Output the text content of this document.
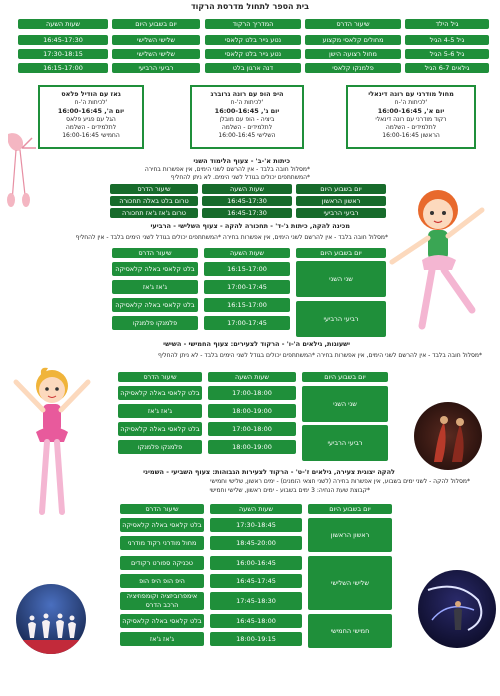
בית הספר לתחול מדרסת הרקוד
גיל הילד
שיעור הדרס
המדריך הרקוד
יום בשבוע היום
שעות השעה
גיל 4-5 הגיל
מחולים קלאסי מקצוע
נטע גייר בלט קלאסי
שלישי השלישי
16:45-17:30
גיל 5-6 הגיל
מחול רצועה הישן
נטע גייר בלט קלאסי
שלישי השלישי
17:30-18:15
גילאים 6-7 הגיל
פלמנקו קלאסי
דנה ארגון בלט
רביעי הרביעי
16:15-17:00
גאז עם הודיל פלאס
לכיתות ה'-ח'
יום ה', 16:00-16:45
הגל עם פגיע פלאס
לתלמידים - השלמה
16:00-16:45 החמישי
היפ הופ עם רונה גרוברג
לכיתות ה'-ח'
יום ג', 16:00-16:45
ביציה - הופ עם מובלן
לתלמידים - השלמה
16:00-16:45 השלישי
מחול מודרני עם רונה דינאלי
לכיתות ה'-ח'
יום א', 16:00-16:45
רקוד מודרני עם רונה דינאלי
לתלמידים - השלמה
16:00-16:45 הראשון
כיתות א'-ב' - צעוף הלימוד השני
*מסלול חובה בלבד - אין להרשם לשני הימים, אין אפשרות בחירה
*המשתתפים יכולים בגודל לשני הימים. לא ניתן להחליף
יום בשבוע היום
שעות השעה
שיעור הדרס
ראשון הראשון
16:45-17:30
טרום בלט באלה תחכורה
רביעי הרביעי
16:45-17:30
טרום ג'אז ג'אז תחכורה
מכינה להקה, כיתות ג'-ד' - תחכורה להקה - צעוף השלישי - הרביעי
*מסלול חובה בלבד - אין להרשם לשני הימים, אין אפשרות בחירה *המשתתפים יכולים בגודל לשני הימים בלבד - אין להחליף
יום בשבוע היום
שעות השעה
שיעור הדרס
שני השני
רביעי הרביעי
16:15-17:00
בלט קלאסי באלה קלאסיקה
17:00-17:45
ג'אז ג'אז
16:15-17:00
בלט קלאסי באלה קלאסיקה
17:00-17:45
פלמנקו פלמנקו
ישעוגות, גילאים ה'-ו' - הרקוד לצעירים: צעוף החמישי - השישי
*מסלול חובה בלבד - אין להרשם לשני הימים, אין אפשרות בחירה *המשתתפים יכולים בגודל לשני הימים בלבד - לא ניתן להחליף
יום בשבוע היום
שעות השעה
שיעור הדרס
שני השני
רביעי הרביעי
17:00-18:00
בלט קלאסי באלה קלאסיקה
18:00-19:00
ג'אז ג'אז
17:00-18:00
בלט קלאסי באלה קלאסיקה
18:00-19:00
פלמנקו פלמנקו
להקה יצוגית צעירה, גילאים ז'-ט' - הרקוד לצעירות הגבוהות: צעוף השביעי - השמיני
*מסלול להקה - לשני ימים בשבוע, אין אפשרות בחירה (לשני חצאי הזמנים) - ימים ראשון, שלישי וחמישי
*קבוצת שעת הנחיה: 3 ימים בשבוע - ימים ראשון, שלישי וחמישי
יום בשבוע היום
שעות השעה
שיעור הדרס
ראשון הראשון
שלישי השלישי
חמישי החמישי
17:30-18:45
בלט קלאסי באלה קלאסיקה
18:45-20:00
מחול מודרני רקוד מודרני
16:00-16:45
טכניקה ספורט רקודים
16:45-17:45
היפ הופ היפ הופ
17:45-18:30
אימפרוביזציה וקומפוזיציה הרכב הדרס
16:45-18:00
בלט קלאסי באלה קלאסיקה
18:00-19:15
ג'אז ג'אז
